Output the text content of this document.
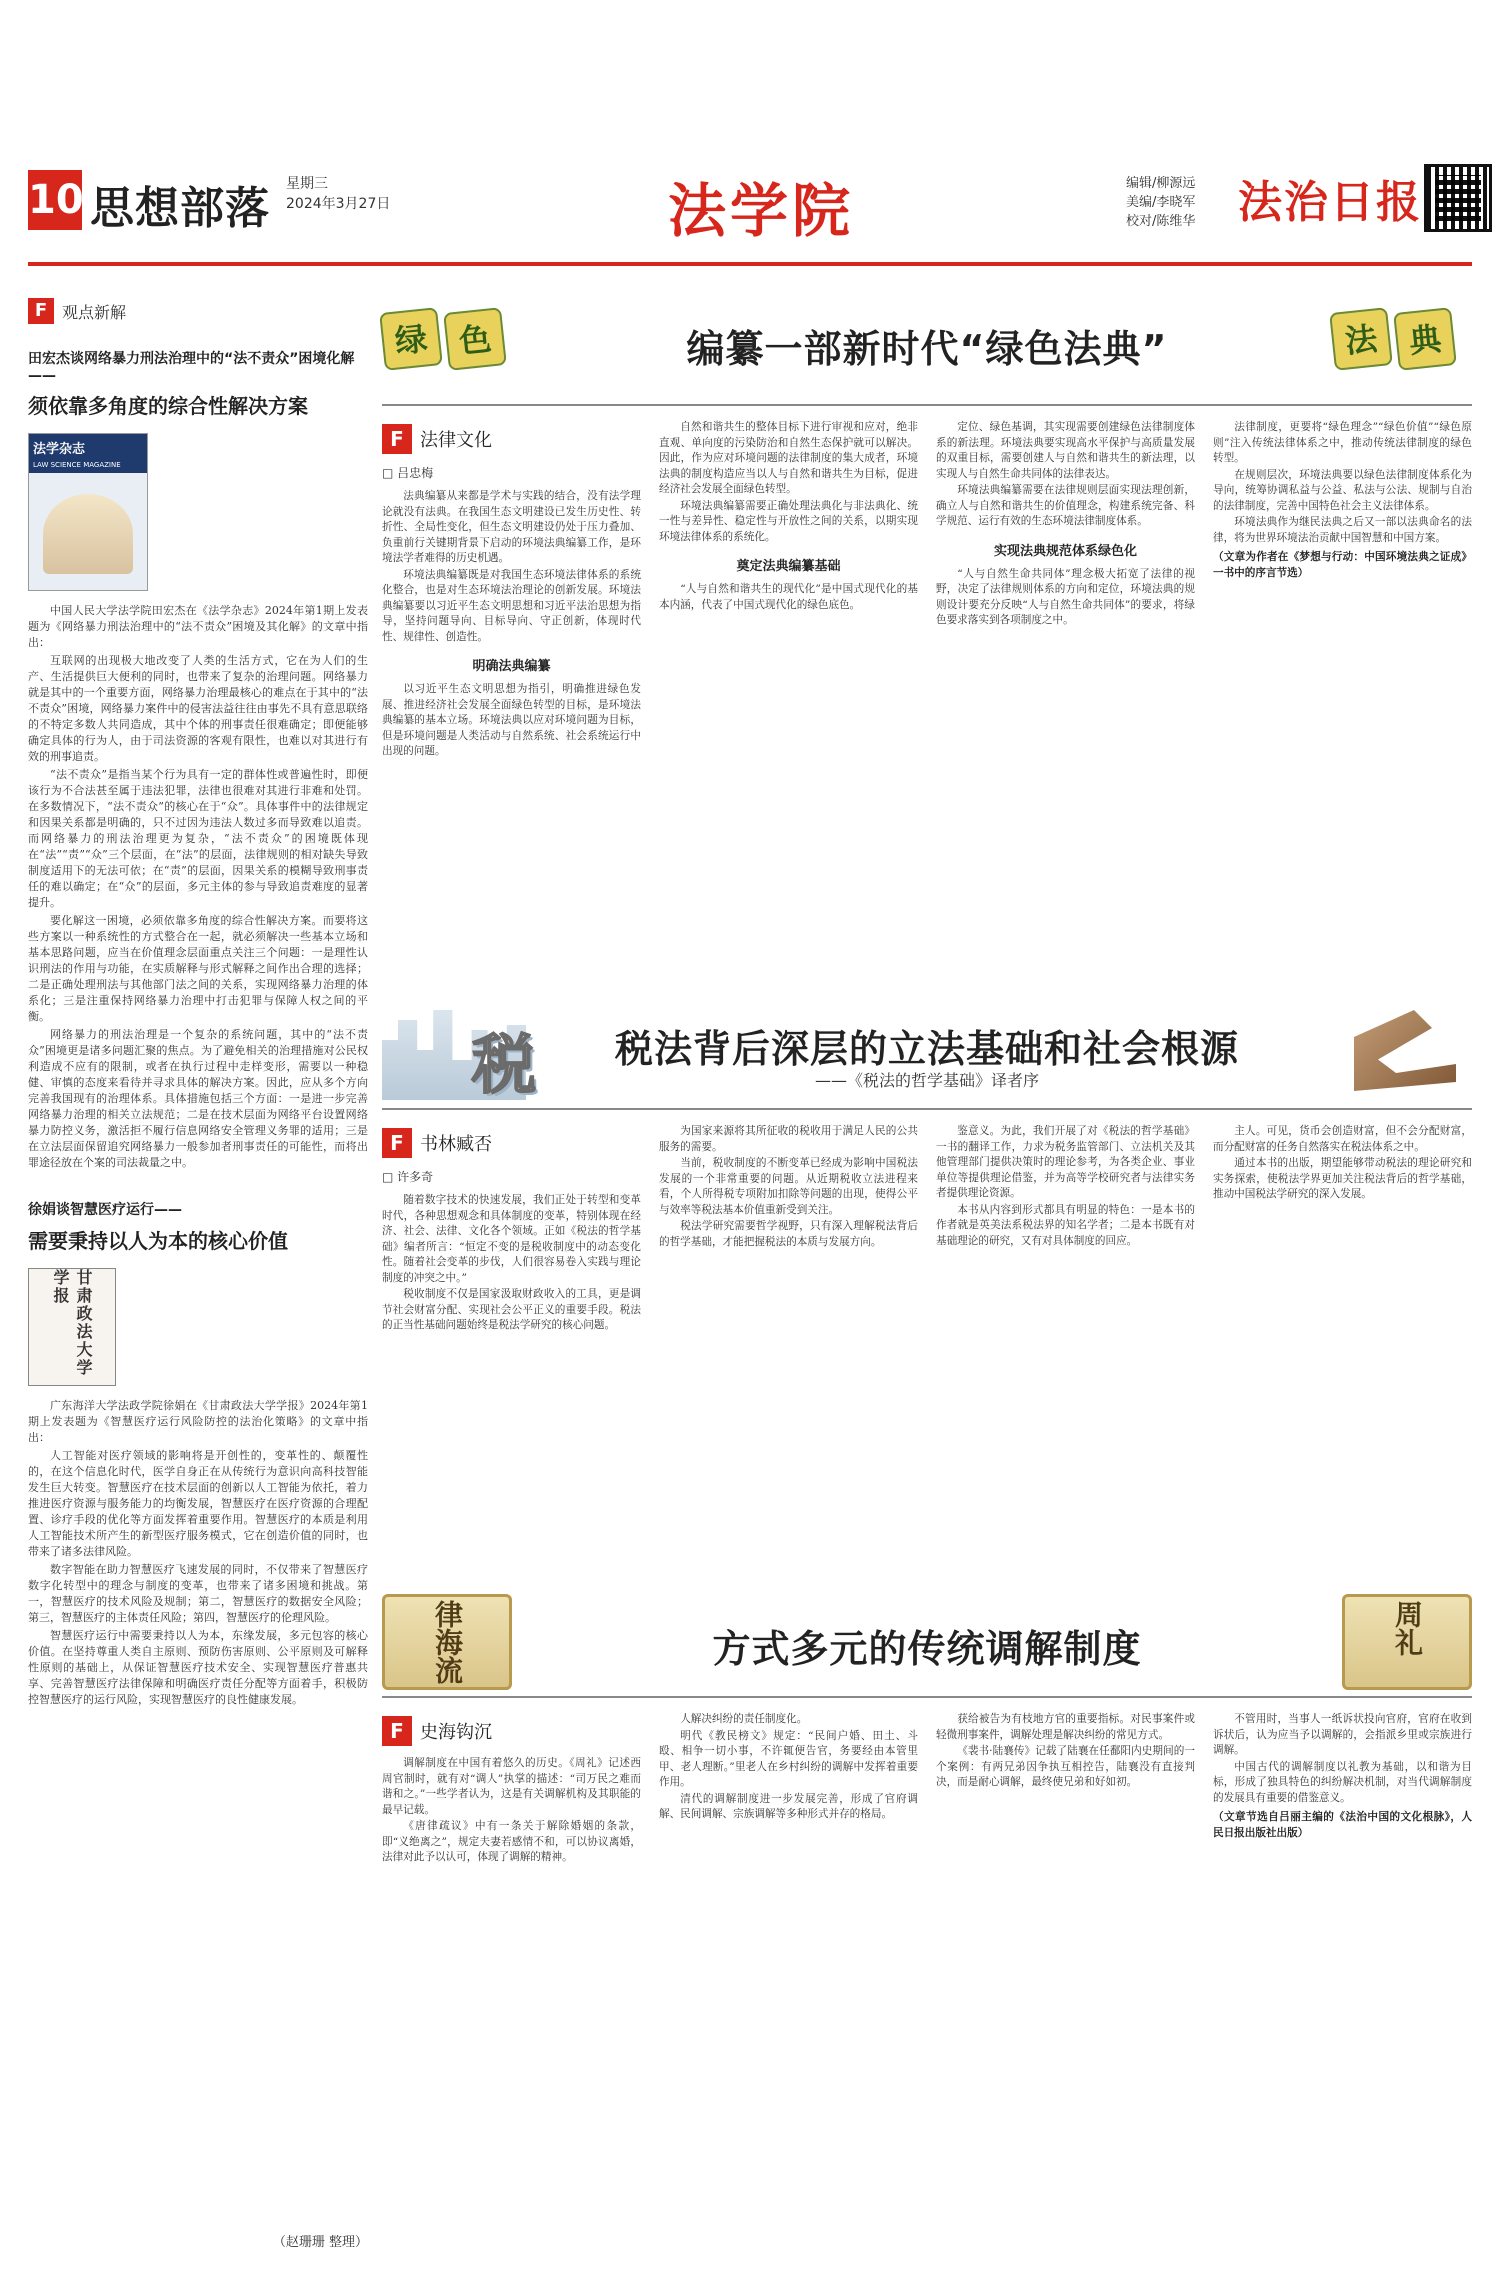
10 思想部落 星期三
2024年3月27日	法学院	编辑/柳源远
美编/李晓军
校对/陈维华 法治日报
F 观点新解
田宏杰谈网络暴力刑法治理中的“法不责众”困境化解——
须依靠多角度的综合性解决方案
法学杂志
LAW SCIENCE MAGAZINE

中国人民大学法学院田宏杰在《法学杂志》2024年第1期上发表题为《网络暴力刑法治理中的“法不责众”困境及其化解》的文章中指出：

互联网的出现极大地改变了人类的生活方式，它在为人们的生产、生活提供巨大便利的同时，也带来了复杂的治理问题。网络暴力就是其中的一个重要方面，网络暴力治理最核心的难点在于其中的“法不责众”困境，网络暴力案件中的侵害法益往往由事先不具有意思联络的不特定多数人共同造成，其中个体的刑事责任很难确定；即便能够确定具体的行为人，由于司法资源的客观有限性，也难以对其进行有效的刑事追责。

“法不责众”是指当某个行为具有一定的群体性或普遍性时，即便该行为不合法甚至属于违法犯罪，法律也很难对其进行非难和处罚。在多数情况下，“法不责众”的核心在于“众”。具体事件中的法律规定和因果关系都是明确的，只不过因为违法人数过多而导致难以追责。而网络暴力的刑法治理更为复杂，“法不责众”的困境既体现在“法”“责”“众”三个层面，在“法”的层面，法律规则的相对缺失导致制度适用下的无法可依；在“责”的层面，因果关系的模糊导致刑事责任的难以确定；在“众”的层面，多元主体的参与导致追责难度的显著提升。

要化解这一困境，必须依靠多角度的综合性解决方案。而要将这些方案以一种系统性的方式整合在一起，就必须解决一些基本立场和基本思路问题，应当在价值理念层面重点关注三个问题：一是理性认识刑法的作用与功能，在实质解释与形式解释之间作出合理的选择；二是正确处理刑法与其他部门法之间的关系，实现网络暴力治理的体系化；三是注重保持网络暴力治理中打击犯罪与保障人权之间的平衡。

网络暴力的刑法治理是一个复杂的系统问题，其中的“法不责众”困境更是诸多问题汇聚的焦点。为了避免相关的治理措施对公民权利造成不应有的限制，或者在执行过程中走样变形，需要以一种稳健、审慎的态度来看待并寻求具体的解决方案。因此，应从多个方向完善我国现有的治理体系。具体措施包括三个方面：一是进一步完善网络暴力治理的相关立法规范；二是在技术层面为网络平台设置网络暴力防控义务，激活拒不履行信息网络安全管理义务罪的适用；三是在立法层面保留追究网络暴力一般参加者刑事责任的可能性，而将出罪途径放在个案的司法裁量之中。

徐娟谈智慧医疗运行——
需要秉持以人为本的核心价值
甘肃政法大学学报

广东海洋大学法政学院徐娟在《甘肃政法大学学报》2024年第1期上发表题为《智慧医疗运行风险防控的法治化策略》的文章中指出：

人工智能对医疗领域的影响将是开创性的，变革性的、颠覆性的，在这个信息化时代，医学自身正在从传统行为意识向高科技智能发生巨大转变。智慧医疗在技术层面的创新以人工智能为依托，着力推进医疗资源与服务能力的均衡发展，智慧医疗在医疗资源的合理配置、诊疗手段的优化等方面发挥着重要作用。智慧医疗的本质是利用人工智能技术所产生的新型医疗服务模式，它在创造价值的同时，也带来了诸多法律风险。

数字智能在助力智慧医疗飞速发展的同时，不仅带来了智慧医疗数字化转型中的理念与制度的变革，也带来了诸多困境和挑战。第一，智慧医疗的技术风险及规制；第二，智慧医疗的数据安全风险；第三，智慧医疗的主体责任风险；第四，智慧医疗的伦理风险。

智慧医疗运行中需要秉持以人为本，东缘发展，多元包容的核心价值。在坚持尊重人类自主原则、预防伤害原则、公平原则及可解释性原则的基础上，从保证智慧医疗技术安全、实现智慧医疗普惠共享、完善智慧医疗法律保障和明确医疗责任分配等方面着手，积极防控智慧医疗的运行风险，实现智慧医疗的良性健康发展。

（赵珊珊 整理）
绿 色	编纂一部新时代“绿色法典”	法 典
F 法律文化
□ 吕忠梅

法典编纂从来都是学术与实践的结合，没有法学理论就没有法典。在我国生态文明建设已发生历史性、转折性、全局性变化，但生态文明建设仍处于压力叠加、负重前行关键期背景下启动的环境法典编纂工作，是环境法学者难得的历史机遇。

环境法典编纂既是对我国生态环境法律体系的系统化整合，也是对生态环境法治理论的创新发展。环境法典编纂要以习近平生态文明思想和习近平法治思想为指导，坚持问题导向、目标导向、守正创新，体现时代性、规律性、创造性。

明确法典编纂

以习近平生态文明思想为指引，明确推进绿色发展、推进经济社会发展全面绿色转型的目标，是环境法典编纂的基本立场。环境法典以应对环境问题为目标，但是环境问题是人类活动与自然系统、社会系统运行中出现的问题。

自然和谐共生的整体目标下进行审视和应对，绝非直观、单向度的污染防治和自然生态保护就可以解决。因此，作为应对环境问题的法律制度的集大成者，环境法典的制度构造应当以人与自然和谐共生为目标，促进经济社会发展全面绿色转型。

环境法典编纂需要正确处理法典化与非法典化、统一性与差异性、稳定性与开放性之间的关系，以期实现环境法律体系的系统化。

奠定法典编纂基础

“人与自然和谐共生的现代化”是中国式现代化的基本内涵，代表了中国式现代化的绿色底色。

定位、绿色基调，其实现需要创建绿色法律制度体系的新法理。环境法典要实现高水平保护与高质量发展的双重目标，需要创建人与自然和谐共生的新法理，以实现人与自然生命共同体的法律表达。

环境法典编纂需要在法律规则层面实现法理创新，确立人与自然和谐共生的价值理念，构建系统完备、科学规范、运行有效的生态环境法律制度体系。

实现法典规范体系绿色化

“人与自然生命共同体”理念极大拓宽了法律的视野，决定了法律规则体系的方向和定位，环境法典的规则设计要充分反映“人与自然生命共同体”的要求，将绿色要求落实到各项制度之中。

法律制度，更要将“绿色理念”“绿色价值”“绿色原则”注入传统法律体系之中，推动传统法律制度的绿色转型。

在规则层次，环境法典要以绿色法律制度体系化为导向，统筹协调私益与公益、私法与公法、规制与自治的法律制度，完善中国特色社会主义法律体系。

环境法典作为继民法典之后又一部以法典命名的法律，将为世界环境法治贡献中国智慧和中国方案。

（文章为作者在《梦想与行动：中国环境法典之证成》一书中的序言节选）
税	税法背后深层的立法基础和社会根源
——《税法的哲学基础》译者序
F 书林臧否
□ 许多奇

随着数字技术的快速发展，我们正处于转型和变革时代，各种思想观念和具体制度的变革，特别体现在经济、社会、法律、文化各个领域。正如《税法的哲学基础》编者所言：“恒定不变的是税收制度中的动态变化性。随着社会变革的步伐，人们很容易卷入实践与理论制度的冲突之中。”

税收制度不仅是国家汲取财政收入的工具，更是调节社会财富分配、实现社会公平正义的重要手段。税法的正当性基础问题始终是税法学研究的核心问题。

为国家来源将其所征收的税收用于满足人民的公共服务的需要。

当前，税收制度的不断变革已经成为影响中国税法发展的一个非常重要的问题。从近期税收立法进程来看，个人所得税专项附加扣除等问题的出现，使得公平与效率等税法基本价值重新受到关注。

税法学研究需要哲学视野，只有深入理解税法背后的哲学基础，才能把握税法的本质与发展方向。

鉴意义。为此，我们开展了对《税法的哲学基础》一书的翻译工作，力求为税务监管部门、立法机关及其他管理部门提供决策时的理论参考，为各类企业、事业单位等提供理论借鉴，并为高等学校研究者与法律实务者提供理论资源。

本书从内容到形式都具有明显的特色：一是本书的作者就是英美法系税法界的知名学者；二是本书既有对基础理论的研究，又有对具体制度的回应。

主人。可见，货币会创造财富，但不会分配财富，而分配财富的任务自然落实在税法体系之中。

通过本书的出版，期望能够带动税法的理论研究和实务探索，使税法学界更加关注税法背后的哲学基础，推动中国税法学研究的深入发展。

律海流	方式多元的传统调解制度	周礼
F 史海钩沉

调解制度在中国有着悠久的历史。《周礼》记述西周官制时，就有对“调人”执掌的描述：“司万民之难而谐和之。”一些学者认为，这是有关调解机构及其职能的最早记载。

《唐律疏议》中有一条关于解除婚姻的条款，即“义绝离之”，规定夫妻若感情不和，可以协议离婚，法律对此予以认可，体现了调解的精神。

人解决纠纷的责任制度化。

明代《教民榜文》规定：“民间户婚、田土、斗殴、相争一切小事，不许辄便告官，务要经由本管里甲、老人理断。”里老人在乡村纠纷的调解中发挥着重要作用。

清代的调解制度进一步发展完善，形成了官府调解、民间调解、宗族调解等多种形式并存的格局。

获给被告为有枝地方官的重要指标。对民事案件或轻微刑事案件，调解处理是解决纠纷的常见方式。

《裴书·陆襄传》记载了陆襄在任鄱阳内史期间的一个案例：有两兄弟因争执互相控告，陆襄没有直接判决，而是耐心调解，最终使兄弟和好如初。

不管用时，当事人一纸诉状投向官府，官府在收到诉状后，认为应当予以调解的，会指派乡里或宗族进行调解。

中国古代的调解制度以礼教为基础，以和谐为目标，形成了独具特色的纠纷解决机制，对当代调解制度的发展具有重要的借鉴意义。

（文章节选自吕丽主编的《法治中国的文化根脉》，人民日报出版社出版）
